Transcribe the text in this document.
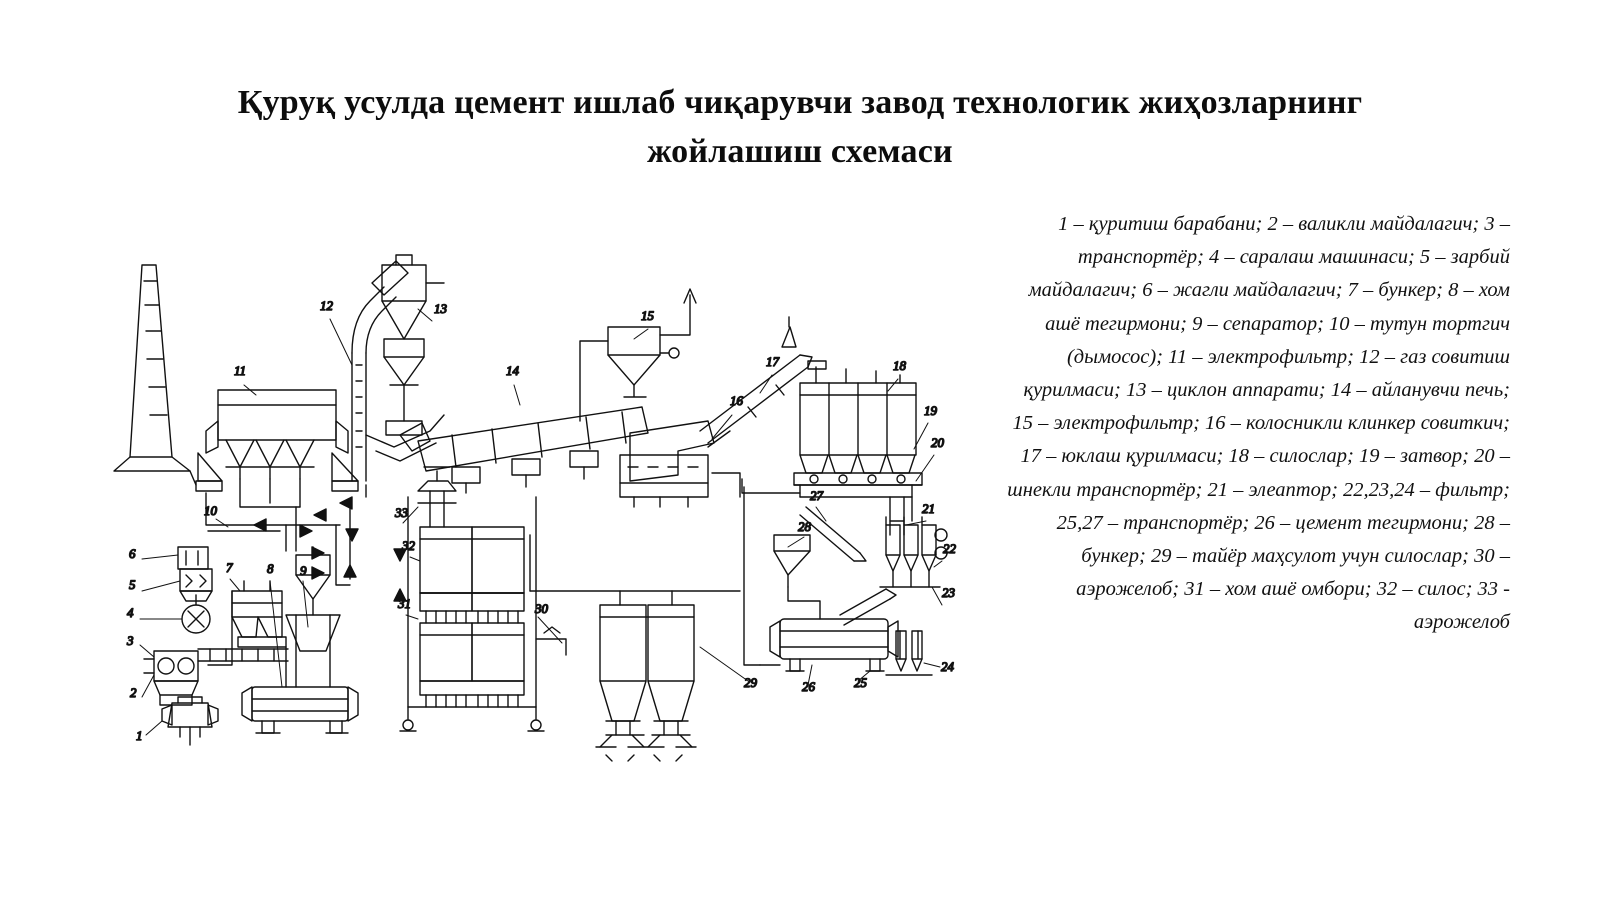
Қуруқ усулда цемент ишлаб чиқарувчи завод технологик жиҳозларнинг жойлашиш схемаси
1 – қуритиш барабани; 2 – валикли майдалагич; 3 – транспортёр; 4 – саралаш машинаси; 5 – зарбий майдалагич; 6 – жагли майдалагич; 7 – бункер; 8 – хом ашё тегирмони; 9 – сепаратор; 10 – тутун тортгич (дымосос); 11 – электрофильтр; 12 – газ совитиш қурилмаси; 13 – циклон аппарати; 14 – айланувчи печь; 15 – электрофильтр; 16 – колосникли клинкер совиткич; 17 – юклаш қурилмаси; 18 – силослар; 19 – затвор; 20 – шнекли транспортёр; 21 – элеаптор; 22,23,24 – фильтр; 25,27 – транспортёр; 26 – цемент тегирмони; 28 – бункер; 29 – тайёр маҳсулот учун силослар; 30 – аэрожелоб; 31 – хом ашё омбори; 32 – силос; 33 - аэрожелоб
1
2
3
4
5
6
7	8 9
10
11
12	13
14
15
16
17	18
19
20
21
22
23
24
25
26
27
28
29
30
31
32
33
